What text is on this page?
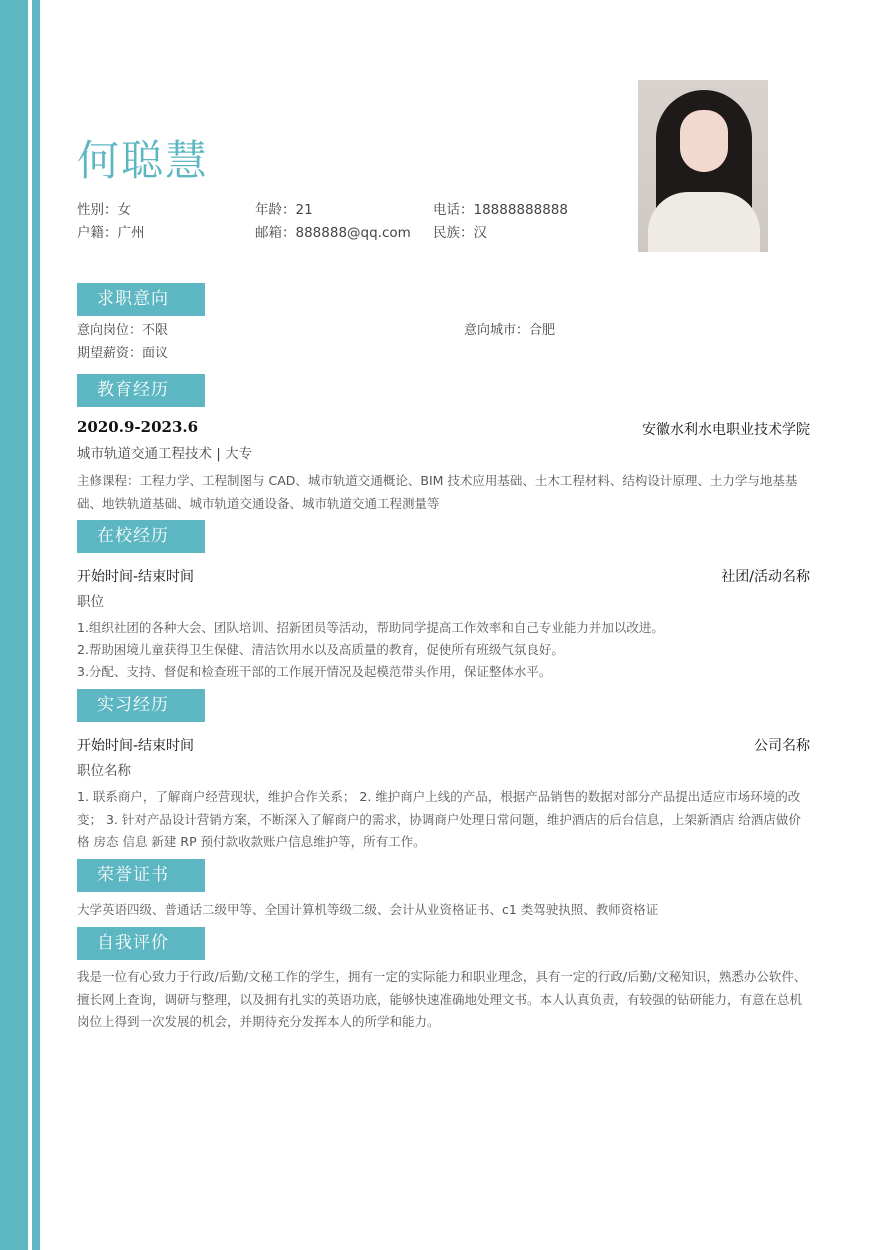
何聪慧
性别：女	年龄：21	电话：18888888888
户籍：广州	邮箱：888888@qq.com 民族：汉
求职意向
意向岗位：不限	意向城市：合肥
期望薪资：面议
教育经历
2020.9-2023.6	安徽水利水电职业技术学院
城市轨道交通工程技术 | 大专
主修课程：工程力学、工程制图与 CAD、城市轨道交通概论、BIM 技术应用基础、土木工程材料、结构设计原理、土力学与地基基础、地铁轨道基础、城市轨道交通设备、城市轨道交通工程测量等
在校经历
开始时间-结束时间	社团/活动名称
职位
1.组织社团的各种大会、团队培训、招新团员等活动，帮助同学提高工作效率和自己专业能力并加以改进。
2.帮助困境儿童获得卫生保健、清洁饮用水以及高质量的教育，促使所有班级气氛良好。
3.分配、支持、督促和检查班干部的工作展开情况及起模范带头作用，保证整体水平。
实习经历
开始时间-结束时间	公司名称
职位名称
1. 联系商户，了解商户经营现状，维护合作关系； 2. 维护商户上线的产品，根据产品销售的数据对部分产品提出适应市场环境的改变； 3. 针对产品设计营销方案，不断深入了解商户的需求，协调商户处理日常问题，维护酒店的后台信息，上架新酒店 给酒店做价格 房态 信息 新建 RP 预付款收款账户信息维护等，所有工作。
荣誉证书
大学英语四级、普通话二级甲等、全国计算机等级二级、会计从业资格证书、c1 类驾驶执照、教师资格证
自我评价
我是一位有心致力于行政/后勤/文秘工作的学生，拥有一定的实际能力和职业理念，具有一定的行政/后勤/文秘知识，熟悉办公软件、擅长网上查询，调研与整理，以及拥有扎实的英语功底，能够快速准确地处理文书。本人认真负责，有较强的钻研能力，有意在总机岗位上得到一次发展的机会，并期待充分发挥本人的所学和能力。
